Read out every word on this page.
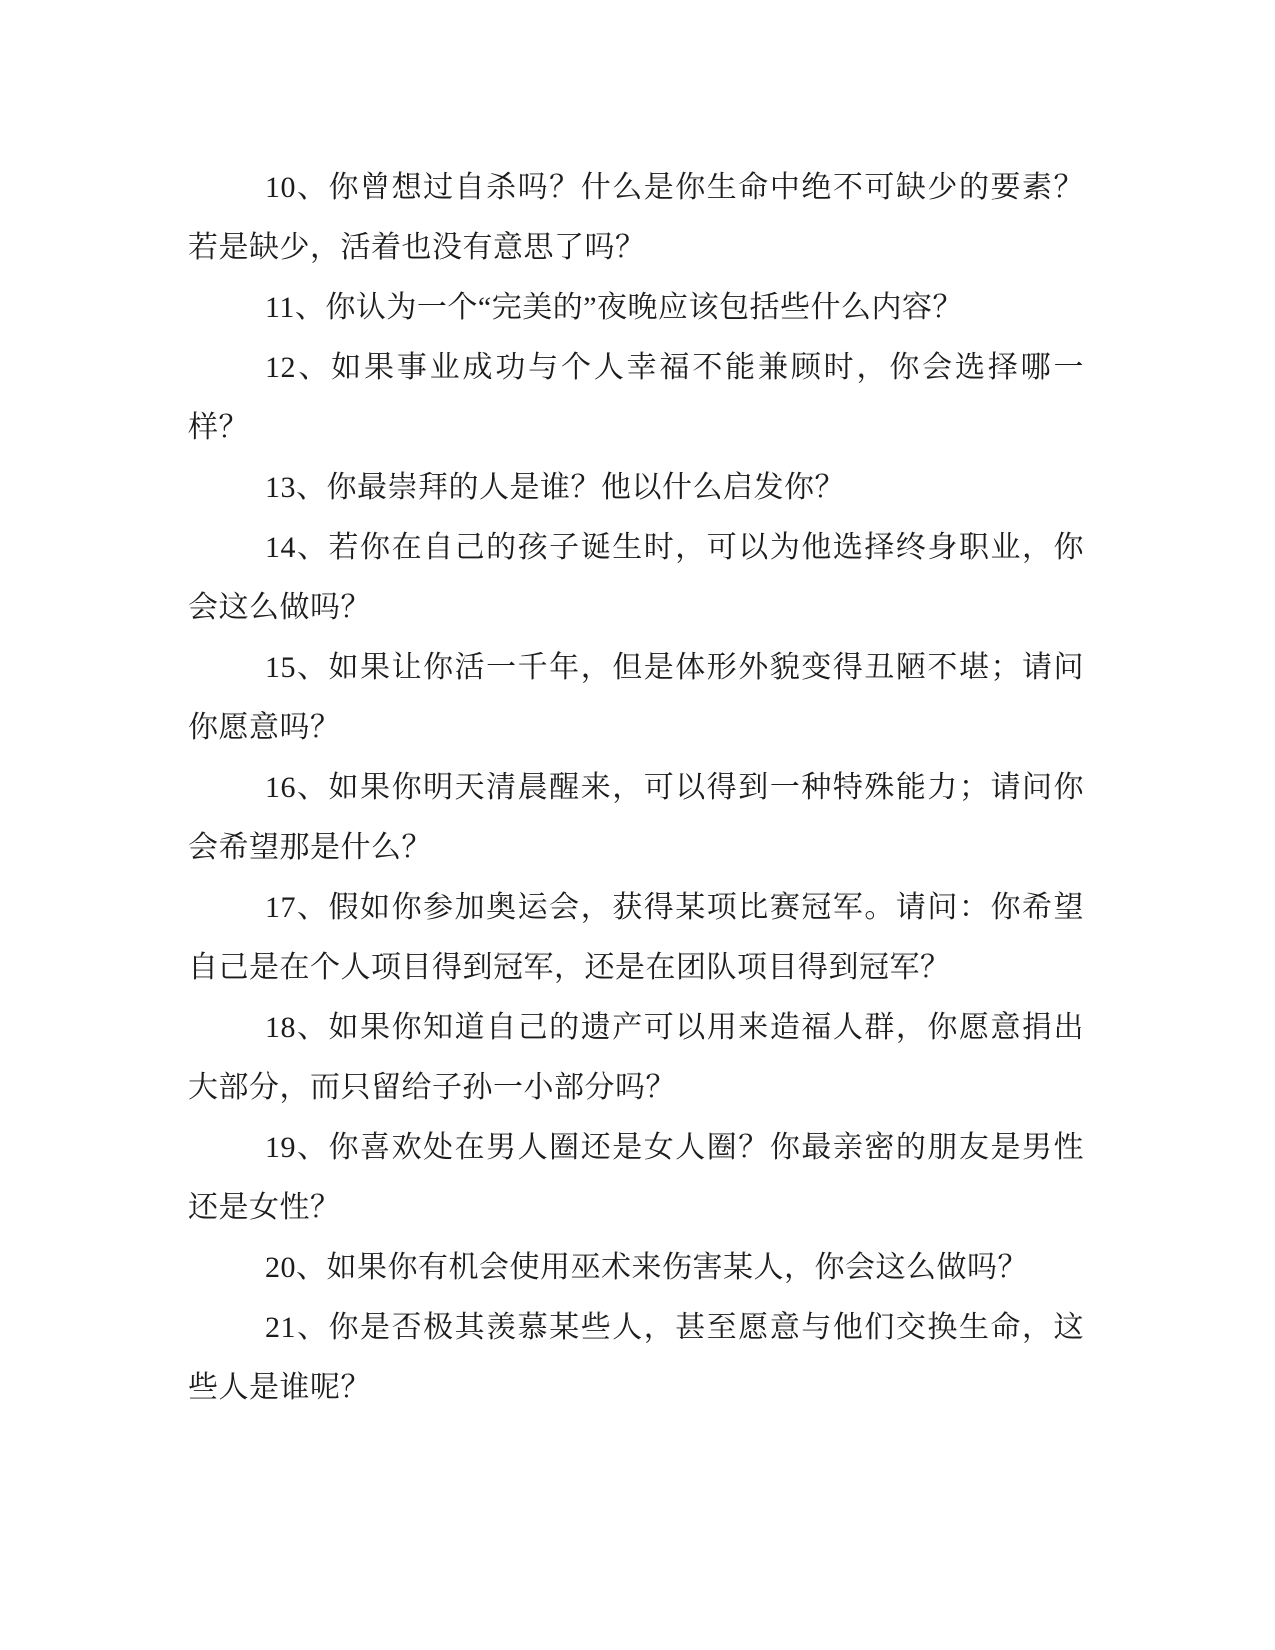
10、你曾想过自杀吗？什么是你生命中绝不可缺少的要素？若是缺少，活着也没有意思了吗？

11、你认为一个“完美的”夜晚应该包括些什么内容？

12、如果事业成功与个人幸福不能兼顾时，你会选择哪一样？

13、你最崇拜的人是谁？他以什么启发你？

14、若你在自己的孩子诞生时，可以为他选择终身职业，你会这么做吗？

15、如果让你活一千年，但是体形外貌变得丑陋不堪；请问你愿意吗？

16、如果你明天清晨醒来，可以得到一种特殊能力；请问你会希望那是什么？

17、假如你参加奥运会，获得某项比赛冠军。请问：你希望自己是在个人项目得到冠军，还是在团队项目得到冠军？

18、如果你知道自己的遗产可以用来造福人群，你愿意捐出大部分，而只留给子孙一小部分吗？

19、你喜欢处在男人圈还是女人圈？你最亲密的朋友是男性还是女性？

20、如果你有机会使用巫术来伤害某人，你会这么做吗？

21、你是否极其羡慕某些人，甚至愿意与他们交换生命，这些人是谁呢？
